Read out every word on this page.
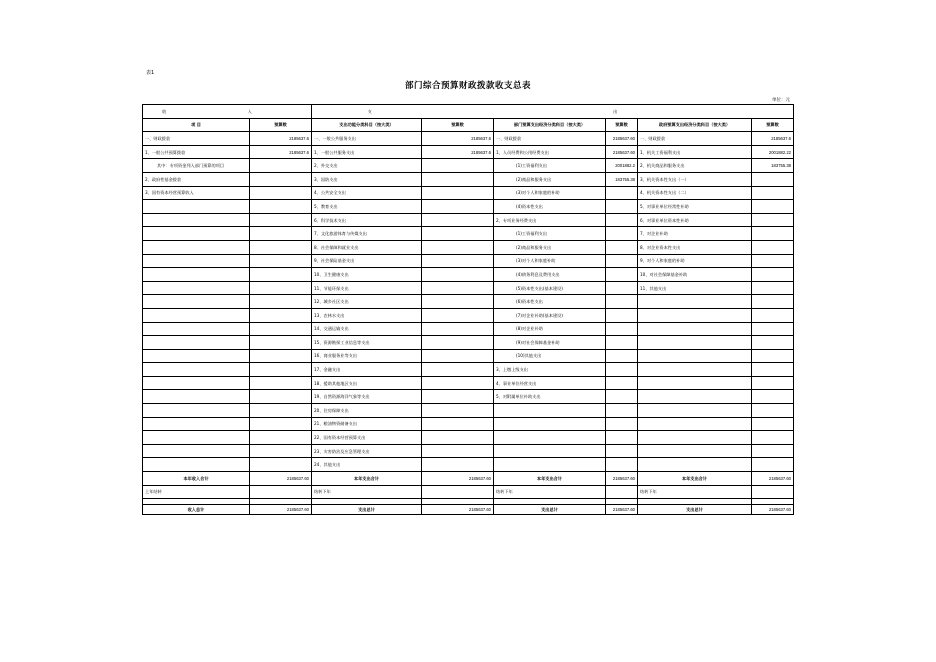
表1
部门综合预算财政拨款收支总表
单位：元
收 入		支 出					
项 目	预算数	支出功能分类科目（按大类）	预算数	部门预算支出经济分类科目（按大类）	预算数	政府预算支出经济分类科目（按大类）	预算数
一、财政拨款	2185637.6	一、一般公共服务支出	2185637.6	一、财政拨款	2185637.60	一、财政拨款	2185637.6
1、一般公共预算拨款	2185637.6	1、一般公共服务支出	2185637.6	1、人员经费和公用经费支出	2185637.60	1、机关工资福利支出	2001882.22
其中：专项资金列入部门预算的项目		2、外交支出		(1)工资福利支出	2001882.2	2、机关商品和服务支出	183755.38
2、政府性基金拨款		3、国防支出		(2)商品和服务支出	183755.38	3、机关资本性支出（一）	
3、国有资本经营预算收入		4、公共安全支出		(3)对个人和家庭的补助		4、机关资本性支出（二）	
		5、教育支出		(4)资本性支出		5、对事业单位经常性补助	
		6、科学技术支出		2、专项业务经费支出		6、对事业单位资本性补助	
		7、文化旅游体育与传媒支出		(1)工资福利支出		7、对企业补助	
		8、社会保障和就业支出		(2)商品和服务支出		8、对企业资本性支出	
		9、社会保险基金支出		(3)对个人和家庭补助		9、对个人和家庭的补助	
		10、卫生健康支出		(4)债务利息及费用支出		10、对社会保障基金补助	
		11、节能环保支出		(5)资本性支出(基本建设)		11、其他支出	
		12、城乡社区支出		(6)资本性支出			
		13、农林水支出		(7)对企业补助(基本建设)			
		14、交通运输支出		(8)对企业补助			
		15、资源勘探工业信息等支出		(9)对社会保障基金补助			
		16、商业服务业等支出		(10)其他支出			
		17、金融支出		3、上缴上级支出			
		18、援助其他地区支出		4、事业单位经营支出			
		19、自然资源海洋气象等支出		5、对附属单位补助支出			
		20、住房保障支出					
		21、粮油物资储备支出					
		22、国有资本经营预算支出					
		23、灾害防治及应急管理支出					
		24、其他支出					
本年收入合计	2185637.60	本年支出合计	2185637.60	本年支出合计	2185637.60	本年支出合计	2185637.60
上年结转		结转下年		结转下年		结转下年	

收入总计	2185637.60	支出总计	2185637.60	支出总计	2185637.60	支出总计	2185637.60
